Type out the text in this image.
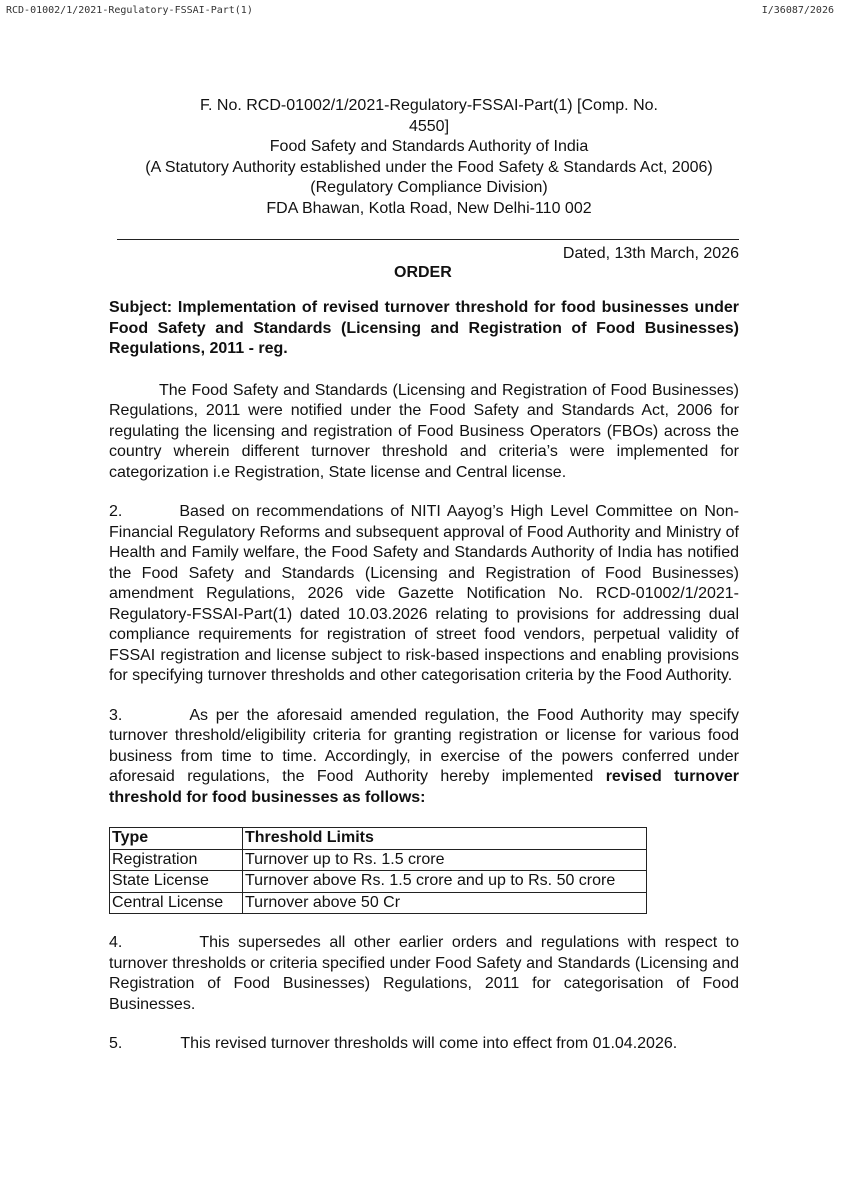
RCD-01002/1/2021-Regulatory-FSSAI-Part(1)	I/36087/2026
F. No. RCD-01002/1/2021-Regulatory-FSSAI-Part(1) [Comp. No.
4550]
Food Safety and Standards Authority of India
(A Statutory Authority established under the Food Safety & Standards Act, 2006)
(Regulatory Compliance Division)
FDA Bhawan, Kotla Road, New Delhi-110 002
Dated, 13th March, 2026
ORDER
Subject: Implementation of revised turnover threshold for food businesses under Food Safety and Standards (Licensing and Registration of Food Businesses) Regulations, 2011 - reg.

The Food Safety and Standards (Licensing and Registration of Food Businesses) Regulations, 2011 were notified under the Food Safety and Standards Act, 2006 for regulating the licensing and registration of Food Business Operators (FBOs) across the country wherein different turnover threshold and criteria’s were implemented for categorization i.e Registration, State license and Central license.

2.	Based on recommendations of NITI Aayog’s High Level Committee on Non-Financial Regulatory Reforms and subsequent approval of Food Authority and Ministry of Health and Family welfare, the Food Safety and Standards Authority of India has notified the Food Safety and Standards (Licensing and Registration of Food Businesses) amendment Regulations, 2026 vide Gazette Notification No. RCD-01002/1/2021-Regulatory-FSSAI-Part(1) dated 10.03.2026 relating to provisions for addressing dual compliance requirements for registration of street food vendors, perpetual validity of FSSAI registration and license subject to risk-based inspections and enabling provisions for specifying turnover thresholds and other categorisation criteria by the Food Authority.

3.	As per the aforesaid amended regulation, the Food Authority may specify turnover threshold/eligibility criteria for granting registration or license for various food business from time to time. Accordingly, in exercise of the powers conferred under aforesaid regulations, the Food Authority hereby implemented revised turnover threshold for food businesses as follows:

Type	Threshold Limits
Registration	Turnover up to Rs. 1.5 crore
State License	Turnover above Rs. 1.5 crore and up to Rs. 50 crore
Central License	Turnover above 50 Cr

4.	This supersedes all other earlier orders and regulations with respect to turnover thresholds or criteria specified under Food Safety and Standards (Licensing and Registration of Food Businesses) Regulations, 2011 for categorisation of Food Businesses.

5.	This revised turnover thresholds will come into effect from 01.04.2026.
